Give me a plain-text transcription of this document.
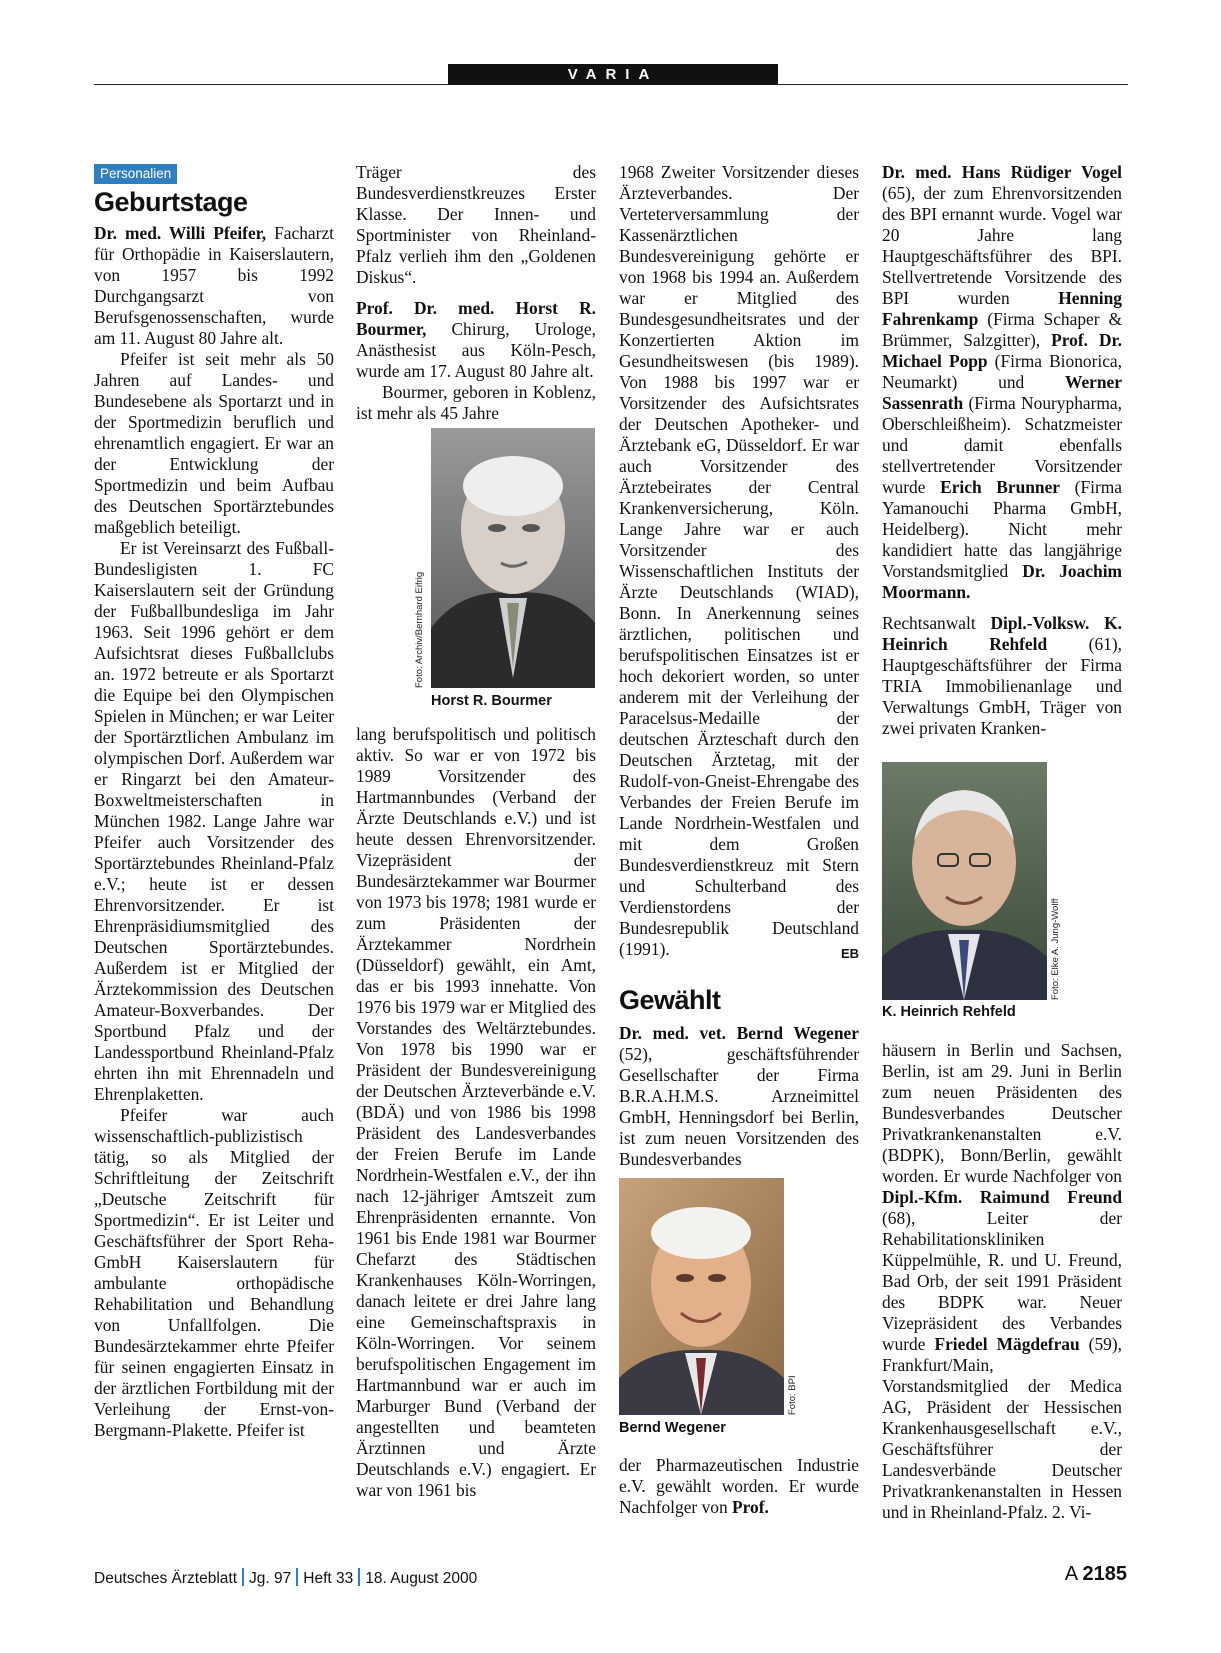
VARIA
Personalien
Geburtstage

Dr. med. Willi Pfeifer, Facharzt für Orthopädie in Kaiserslautern, von 1957 bis 1992 Durchgangsarzt von Berufsgenossenschaften, wurde am 11. August 80 Jahre alt.

Pfeifer ist seit mehr als 50 Jahren auf Landes- und Bundesebene als Sportarzt und in der Sportmedizin beruflich und ehrenamtlich engagiert. Er war an der Entwicklung der Sportmedizin und beim Aufbau des Deutschen Sportärztebundes maßgeblich beteiligt.

Er ist Vereinsarzt des Fußball-Bundesligisten 1. FC Kaiserslautern seit der Gründung der Fußballbundesliga im Jahr 1963. Seit 1996 gehört er dem Aufsichtsrat dieses Fußballclubs an. 1972 betreute er als Sportarzt die Equipe bei den Olympischen Spielen in München; er war Leiter der Sportärztlichen Ambulanz im olympischen Dorf. Außerdem war er Ringarzt bei den Amateur-Boxweltmeisterschaften in München 1982. Lange Jahre war Pfeifer auch Vorsitzender des Sportärztebundes Rheinland-Pfalz e.V.; heute ist er dessen Ehrenvorsitzender. Er ist Ehrenpräsidiumsmitglied des Deutschen Sportärztebundes. Außerdem ist er Mitglied der Ärztekommission des Deutschen Amateur-Boxverbandes. Der Sportbund Pfalz und der Landessportbund Rheinland-Pfalz ehrten ihn mit Ehrennadeln und Ehrenplaketten.

Pfeifer war auch wissenschaftlich-publizistisch tätig, so als Mitglied der Schriftleitung der Zeitschrift „Deutsche Zeitschrift für Sportmedizin“. Er ist Leiter und Geschäftsführer der Sport Reha-GmbH Kaiserslautern für ambulante orthopädische Rehabilitation und Behandlung von Unfallfolgen. Die Bundesärztekammer ehrte Pfeifer für seinen engagierten Einsatz in der ärztlichen Fortbildung mit der Verleihung der Ernst-von-Bergmann-Plakette. Pfeifer ist

Träger des Bundesverdienstkreuzes Erster Klasse. Der Innen- und Sportminister von Rheinland-Pfalz verlieh ihm den „Goldenen Diskus“.

Prof. Dr. med. Horst R. Bourmer, Chirurg, Urologe, Anästhesist aus Köln-Pesch, wurde am 17. August 80 Jahre alt.

Bourmer, geboren in Koblenz, ist mehr als 45 Jahre

Foto: Archiv/Bernhard Eifrig
Horst R. Bourmer

lang berufspolitisch und politisch aktiv. So war er von 1972 bis 1989 Vorsitzender des Hartmannbundes (Verband der Ärzte Deutschlands e.V.) und ist heute dessen Ehrenvorsitzender. Vizepräsident der Bundesärztekammer war Bourmer von 1973 bis 1978; 1981 wurde er zum Präsidenten der Ärztekammer Nordrhein (Düsseldorf) gewählt, ein Amt, das er bis 1993 innehatte. Von 1976 bis 1979 war er Mitglied des Vorstandes des Weltärztebundes. Von 1978 bis 1990 war er Präsident der Bundesvereinigung der Deutschen Ärzteverbände e.V. (BDÄ) und von 1986 bis 1998 Präsident des Landesverbandes der Freien Berufe im Lande Nordrhein-Westfalen e.V., der ihn nach 12-jähriger Amtszeit zum Ehrenpräsidenten ernannte. Von 1961 bis Ende 1981 war Bourmer Chefarzt des Städtischen Krankenhauses Köln-Worringen, danach leitete er drei Jahre lang eine Gemeinschaftspraxis in Köln-Worringen. Vor seinem berufspolitischen Engagement im Hartmannbund war er auch im Marburger Bund (Verband der angestellten und beamteten Ärztinnen und Ärzte Deutschlands e.V.) engagiert. Er war von 1961 bis

1968 Zweiter Vorsitzender dieses Ärzteverbandes. Der Verteterversammlung der Kassenärztlichen Bundesvereinigung gehörte er von 1968 bis 1994 an. Außerdem war er Mitglied des Bundesgesundheitsrates und der Konzertierten Aktion im Gesundheitswesen (bis 1989). Von 1988 bis 1997 war er Vorsitzender des Aufsichtsrates der Deutschen Apotheker- und Ärztebank eG, Düsseldorf. Er war auch Vorsitzender des Ärztebeirates der Central Krankenversicherung, Köln. Lange Jahre war er auch Vorsitzender des Wissenschaftlichen Instituts der Ärzte Deutschlands (WIAD), Bonn. In Anerkennung seines ärztlichen, politischen und berufspolitischen Einsatzes ist er hoch dekoriert worden, so unter anderem mit der Verleihung der Paracelsus-Medaille der deutschen Ärzteschaft durch den Deutschen Ärztetag, mit der Rudolf-von-Gneist-Ehrengabe des Verbandes der Freien Berufe im Lande Nordrhein-Westfalen und mit dem Großen Bundesverdienstkreuz mit Stern und Schulterband des Verdienstordens der Bundesrepublik Deutschland (1991).	EB

Gewählt

Dr. med. vet. Bernd Wegener (52), geschäftsführender Gesellschafter der Firma B.R.A.H.M.S. Arzneimittel GmbH, Henningsdorf bei Berlin, ist zum neuen Vorsitzenden des Bundesverbandes

Foto: BPI
Bernd Wegener

der Pharmazeutischen Industrie e.V. gewählt worden. Er wurde Nachfolger von Prof.

Dr. med. Hans Rüdiger Vogel (65), der zum Ehrenvorsitzenden des BPI ernannt wurde. Vogel war 20 Jahre lang Hauptgeschäftsführer des BPI. Stellvertretende Vorsitzende des BPI wurden Henning Fahrenkamp (Firma Schaper & Brümmer, Salzgitter), Prof. Dr. Michael Popp (Firma Bionorica, Neumarkt) und Werner Sassenrath (Firma Nourypharma, Oberschleißheim). Schatzmeister und damit ebenfalls stellvertretender Vorsitzender wurde Erich Brunner (Firma Yamanouchi Pharma GmbH, Heidelberg). Nicht mehr kandidiert hatte das langjährige Vorstandsmitglied Dr. Joachim Moormann.

Rechtsanwalt Dipl.-Volksw. K. Heinrich Rehfeld (61), Hauptgeschäftsführer der Firma TRIA Immobilienanlage und Verwaltungs GmbH, Träger von zwei privaten Kranken-

Foto: Elke A. Jung-Wolff
K. Heinrich Rehfeld

häusern in Berlin und Sachsen, Berlin, ist am 29. Juni in Berlin zum neuen Präsidenten des Bundesverbandes Deutscher Privatkrankenanstalten e.V. (BDPK), Bonn/Berlin, gewählt worden. Er wurde Nachfolger von Dipl.-Kfm. Raimund Freund (68), Leiter der Rehabilitationskliniken Küppelmühle, R. und U. Freund, Bad Orb, der seit 1991 Präsident des BDPK war. Neuer Vizepräsident des Verbandes wurde Friedel Mägdefrau (59), Frankfurt/Main, Vorstandsmitglied der Medica AG, Präsident der Hessischen Krankenhausgesellschaft e.V., Geschäftsführer der Landesverbände Deutscher Privatkrankenanstalten in Hessen und in Rheinland-Pfalz. 2. Vi-

Deutsches Ärzteblatt Jg. 97 Heft 33 18. August 2000	A 2185
